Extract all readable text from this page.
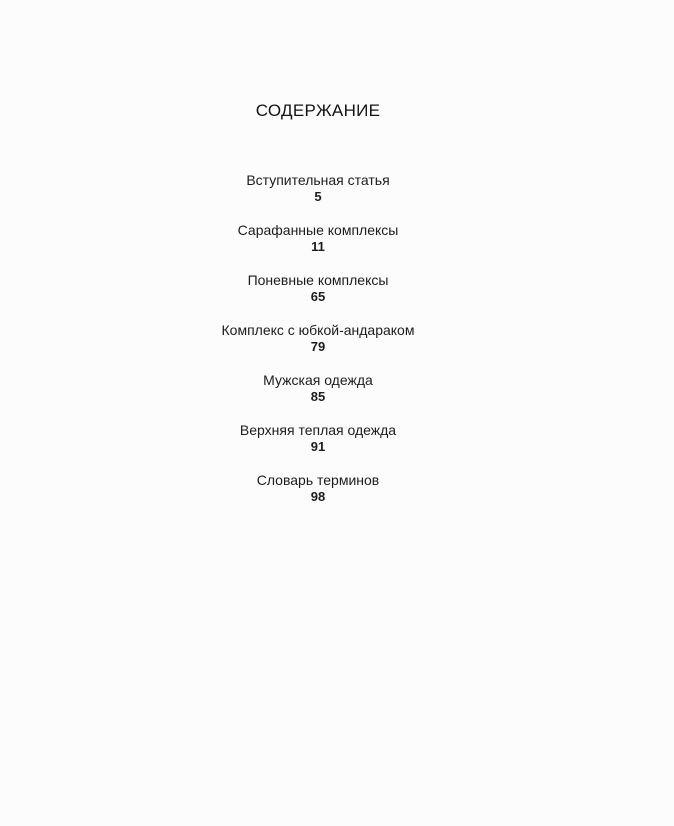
СОДЕРЖАНИЕ
Вступительная статья
5
Сарафанные комплексы
11
Поневные комплексы
65
Комплекс с юбкой-андараком
79
Мужская одежда
85
Верхняя теплая одежда
91
Словарь терминов
98
